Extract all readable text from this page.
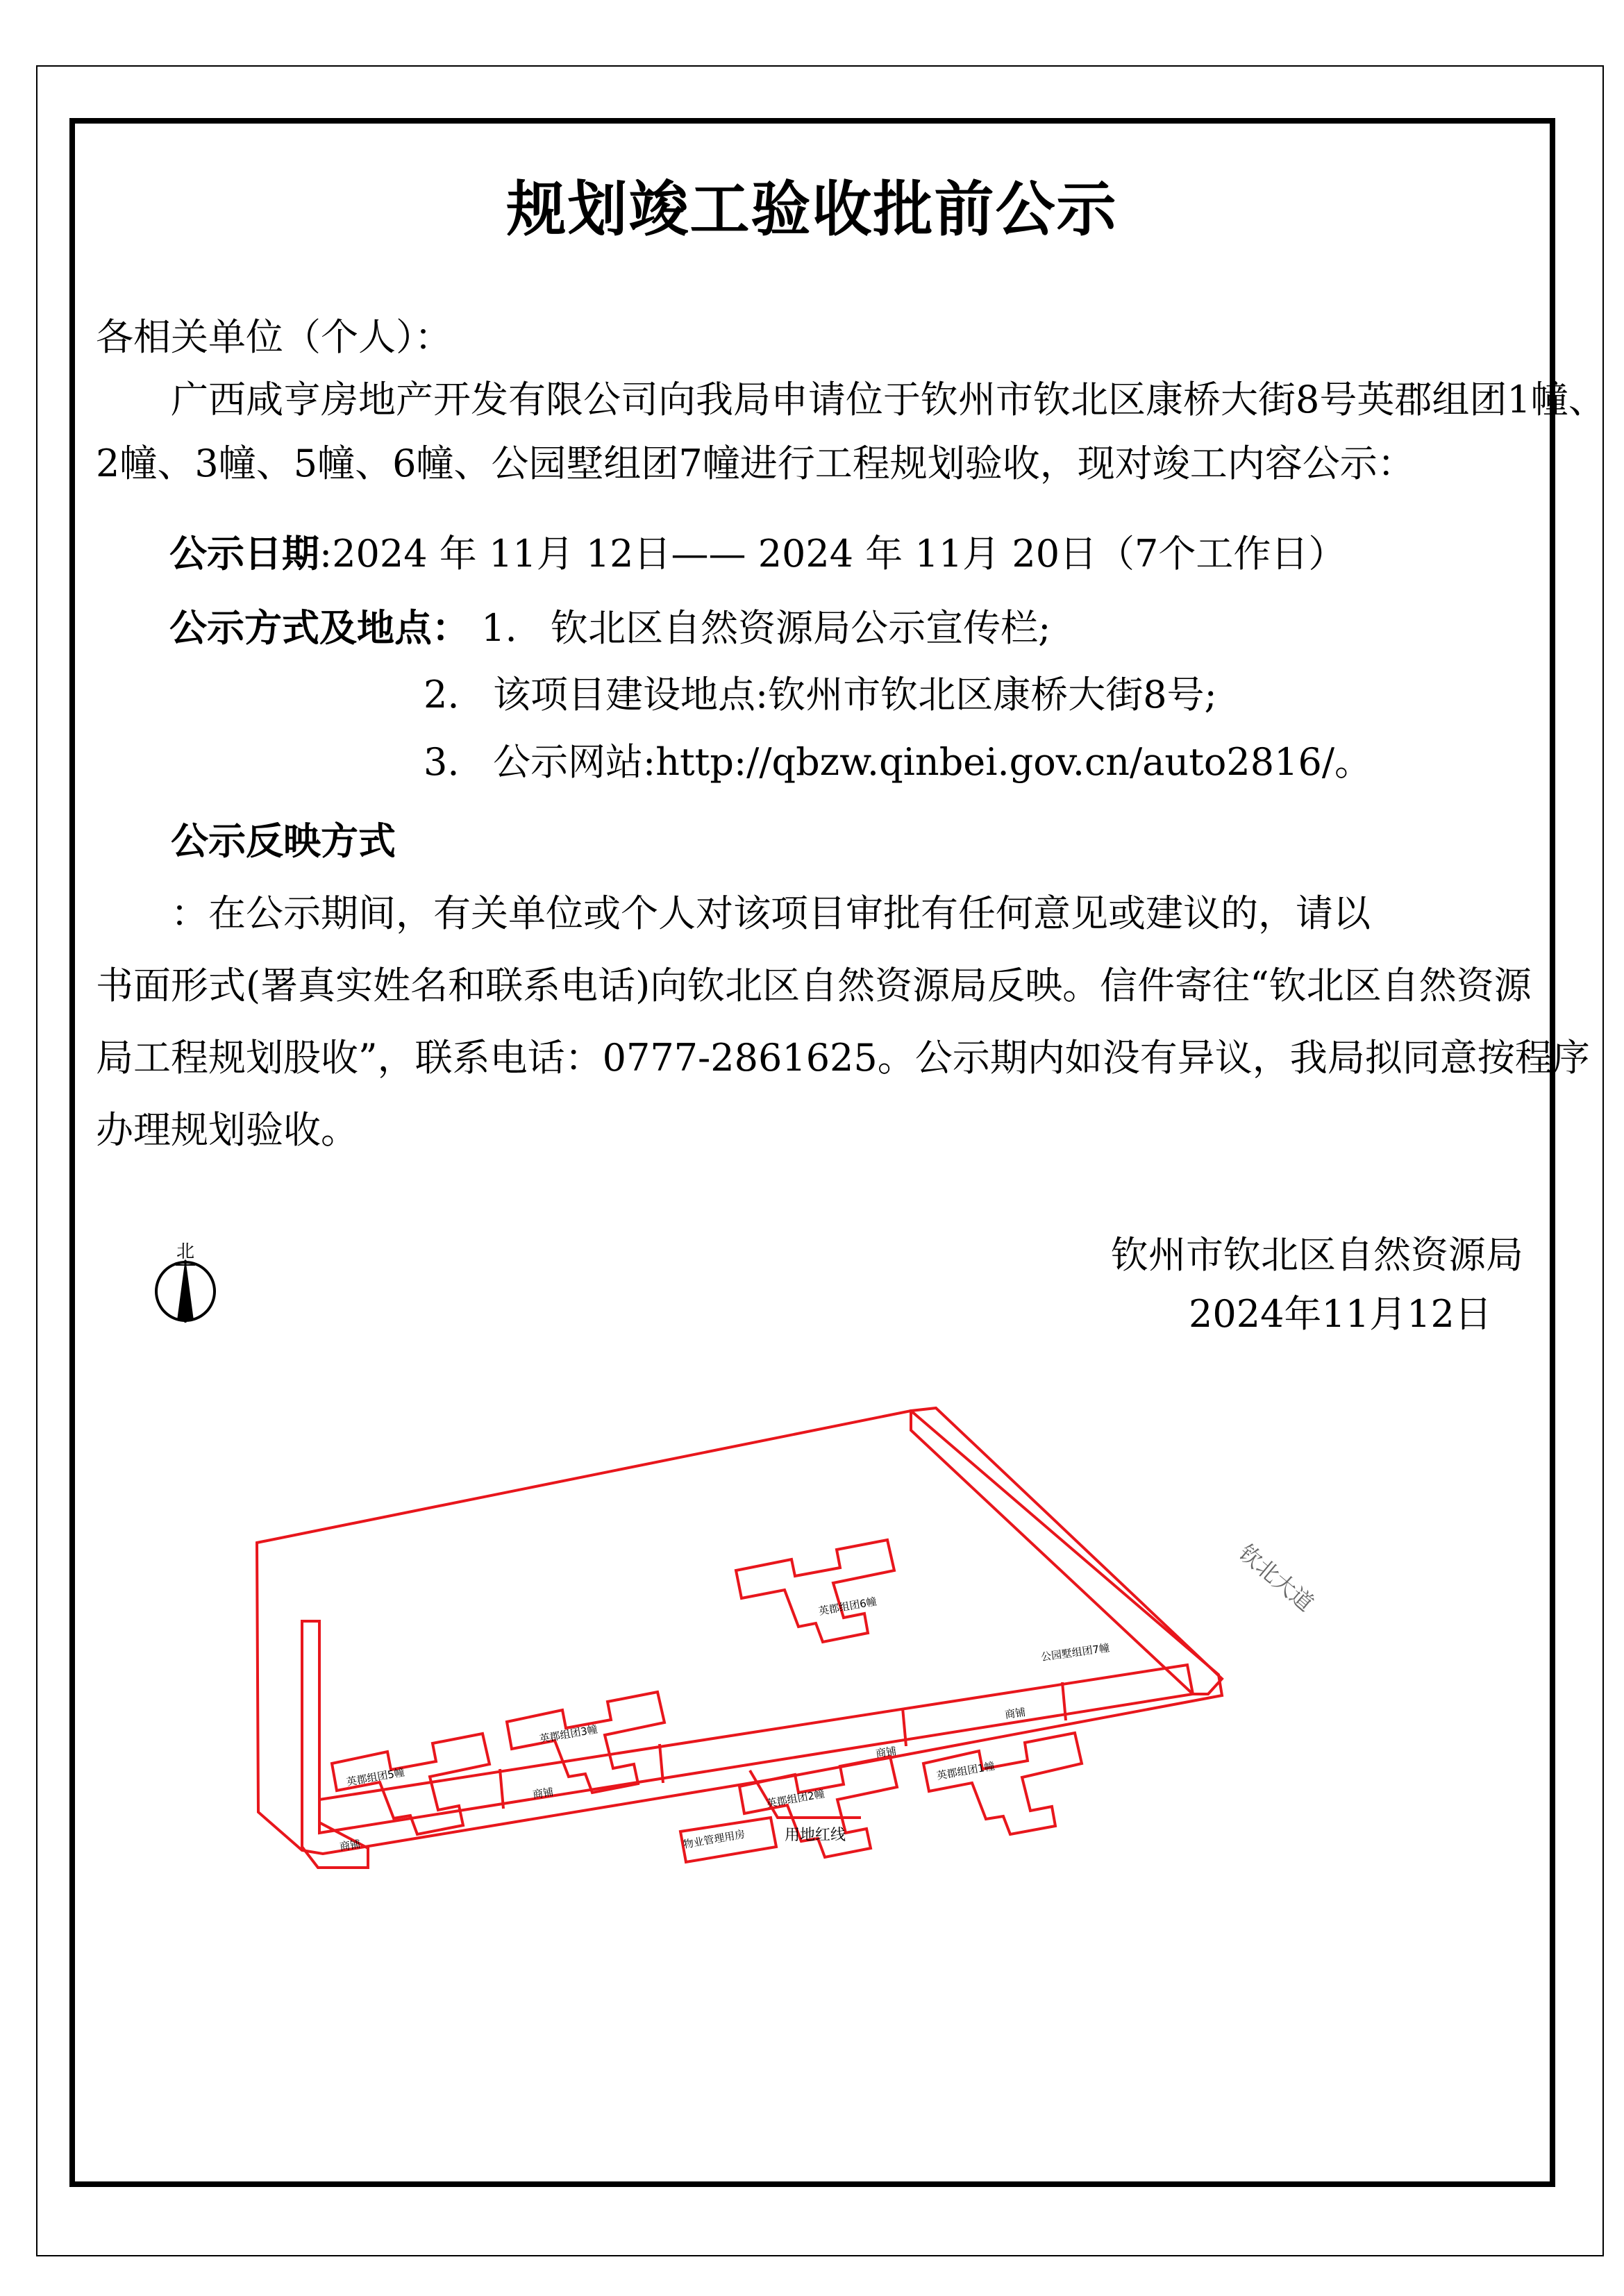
规划竣工验收批前公示
各相关单位（个人）：
广西咸亨房地产开发有限公司向我局申请位于钦州市钦北区康桥大街8号英郡组团1幢、
2幢、3幢、5幢、6幢、公园墅组团7幢进行工程规划验收，现对竣工内容公示：
公示日期:2024 年 11月 12日—— 2024 年 11月 20日（7个工作日）
公示方式及地点： 1. 钦北区自然资源局公示宣传栏;
2. 该项目建设地点:钦州市钦北区康桥大街8号;
3. 公示网站:http://qbzw.qinbei.gov.cn/auto2816/。
公示反映方式
：在公示期间，有关单位或个人对该项目审批有任何意见或建议的，请以
书面形式(署真实姓名和联系电话)向钦北区自然资源局反映。信件寄往“钦北区自然资源
局工程规划股收”，联系电话：0777-2861625。公示期内如没有异议，我局拟同意按程序
办理规划验收。
钦州市钦北区自然资源局
2024年11月12日
北
英郡组团6幢
公园墅组团7幢
英郡组团1幢
英郡组团2幢
英郡组团3幢
英郡组团5幢
物业管理用房
商铺
商铺
商铺
商铺
用地红线
钦北大道
